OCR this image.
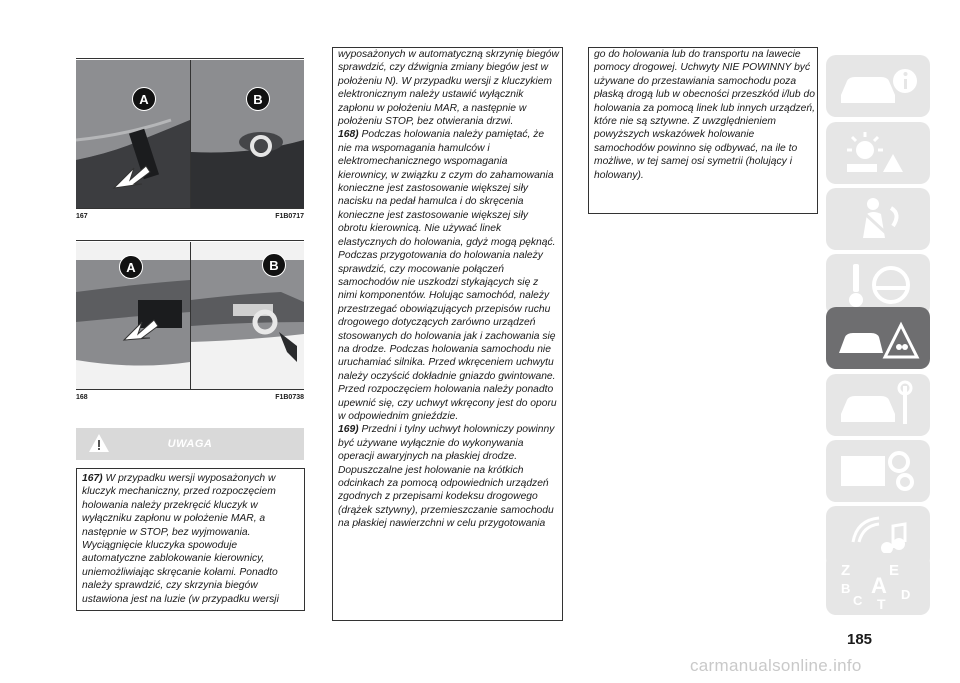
A	B
167	F1B0717
A	B
168	F1B0738
UWAGA
167) W przypadku wersji wyposażonych w kluczyk mechaniczny, przed rozpoczęciem holowania należy przekręcić kluczyk w wyłączniku zapłonu w położenie MAR, a następnie w STOP, bez wyjmowania. Wyciągnięcie kluczyka spowoduje automatyczne zablokowanie kierownicy, uniemożliwiając skręcanie kołami. Ponadto należy sprawdzić, czy skrzynia biegów ustawiona jest na luzie (w przypadku wersji
wyposażonych w automatyczną skrzynię biegów sprawdzić, czy dźwignia zmiany biegów jest w położeniu N). W przypadku wersji z kluczykiem elektronicznym należy ustawić wyłącznik zapłonu w położeniu MAR, a następnie w położeniu STOP, bez otwierania drzwi.
168) Podczas holowania należy pamiętać, że nie ma wspomagania hamulców i elektromechanicznego wspomagania kierownicy, w związku z czym do zahamowania konieczne jest zastosowanie większej siły nacisku na pedał hamulca i do skręcenia konieczne jest zastosowanie większej siły obrotu kierownicą. Nie używać linek elastycznych do holowania, gdyż mogą pęknąć. Podczas przygotowania do holowania należy sprawdzić, czy mocowanie połączeń samochodów nie uszkodzi stykających się z nimi komponentów. Holując samochód, należy przestrzegać obowiązujących przepisów ruchu drogowego dotyczących zarówno urządzeń stosowanych do holowania jak i zachowania się na drodze. Podczas holowania samochodu nie uruchamiać silnika. Przed wkręceniem uchwytu należy oczyścić dokładnie gniazdo gwintowane. Przed rozpoczęciem holowania należy ponadto upewnić się, czy uchwyt wkręcony jest do oporu w odpowiednim gnieździe.
169) Przedni i tylny uchwyt holowniczy powinny być używane wyłącznie do wykonywania operacji awaryjnych na płaskiej drodze. Dopuszczalne jest holowanie na krótkich odcinkach za pomocą odpowiednich urządzeń zgodnych z przepisami kodeksu drogowego (drążek sztywny), przemieszczanie samochodu na płaskiej nawierzchni w celu przygotowania
go do holowania lub do transportu na lawecie pomocy drogowej. Uchwyty NIE POWINNY być używane do przestawiania samochodu poza płaską drogą lub w obecności przeszkód i/lub do holowania za pomocą linek lub innych urządzeń, które nie są sztywne. Z uwzględnieniem powyższych wskazówek holowanie samochodów powinno się odbywać, na ile to możliwe, w tej samej osi symetrii (holujący i holowany).
Z	E
B A
C T
D
185
carmanualsonline.info
